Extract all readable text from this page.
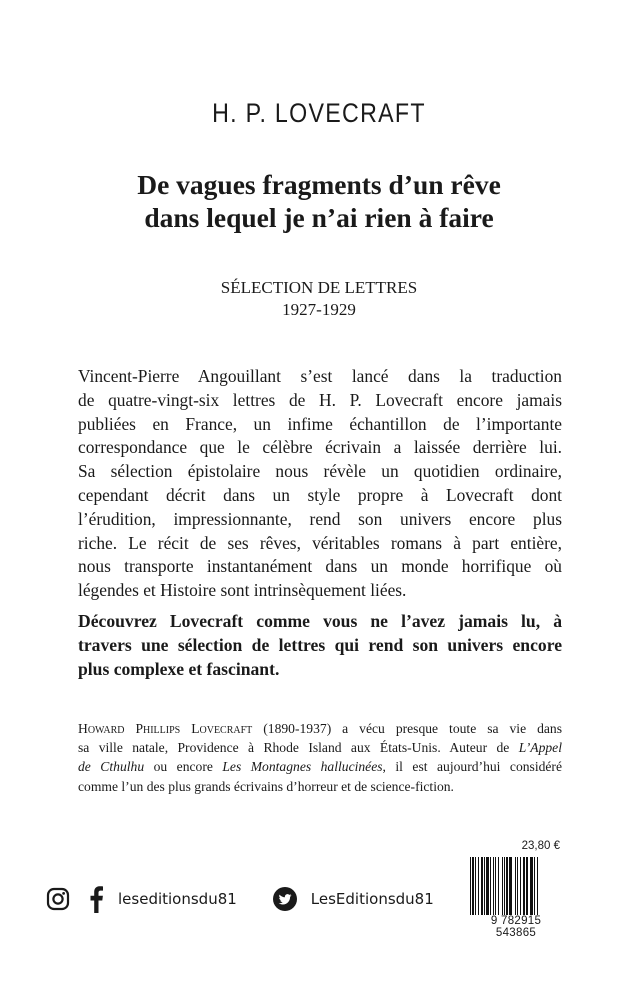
H. P. LOVECRAFT
De vagues fragments d’un rêve
dans lequel je n’ai rien à faire
SÉLECTION DE LETTRES
1927-1929
Vincent-Pierre Angouillant s’est lancé dans la traduction
de quatre-vingt-six lettres de H. P. Lovecraft encore jamais
publiées en France, un infime échantillon de l’importante
correspondance que le célèbre écrivain a laissée derrière lui.
Sa sélection épistolaire nous révèle un quotidien ordinaire,
cependant décrit dans un style propre à Lovecraft dont
l’érudition, impressionnante, rend son univers encore plus
riche. Le récit de ses rêves, véritables romans à part entière,
nous transporte instantanément dans un monde horrifique où
légendes et Histoire sont intrinsèquement liées.
Découvrez Lovecraft comme vous ne l’avez jamais lu, à
travers une sélection de lettres qui rend son univers encore
plus complexe et fascinant.
Howard Phillips Lovecraft (1890-1937) a vécu presque toute sa vie dans
sa ville natale, Providence à Rhode Island aux États-Unis. Auteur de L’Appel
de Cthulhu ou encore Les Montagnes hallucinées, il est aujourd’hui considéré
comme l’un des plus grands écrivains d’horreur et de science-fiction.
23,80 €
9 782915 543865
leseditionsdu81	LesEditionsdu81
